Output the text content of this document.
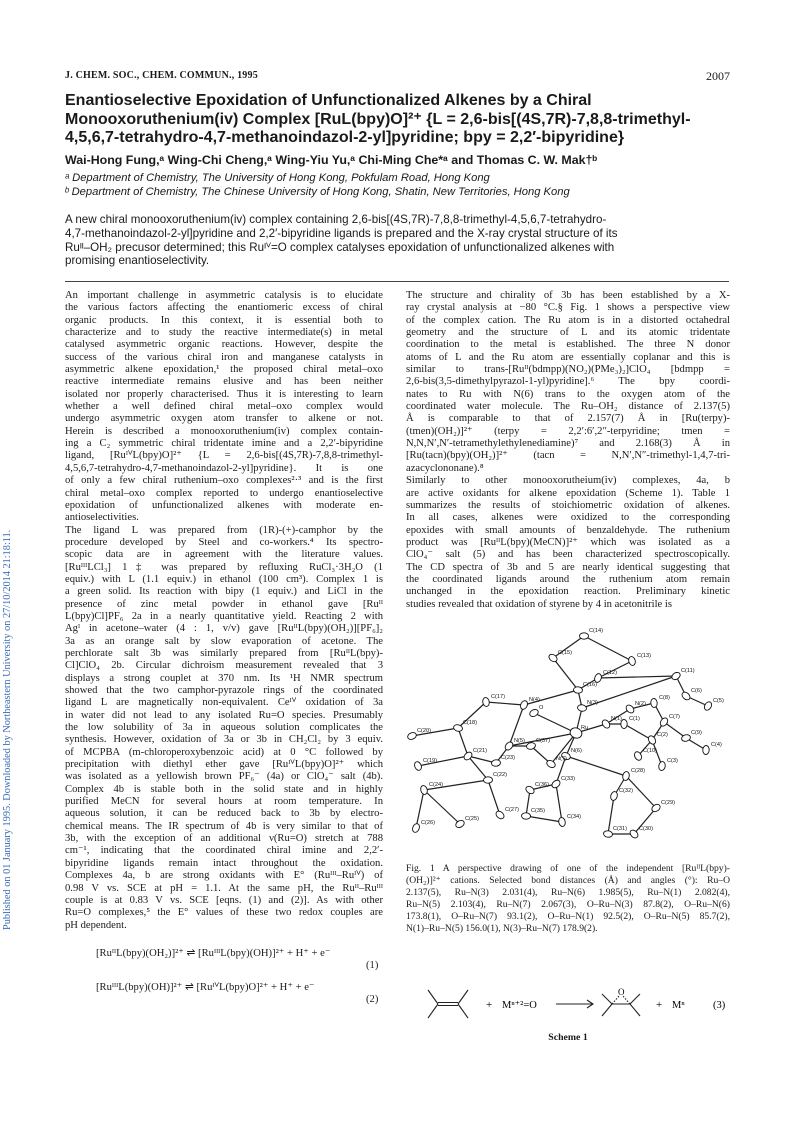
Published on 01 January 1995. Downloaded by Northeastern University on 27/10/2014 21:18:11.
J. CHEM. SOC., CHEM. COMMUN., 1995	2007
Enantioselective Epoxidation of Unfunctionalized Alkenes by a Chiral
Monooxoruthenium(iv) Complex [RuL(bpy)O]²⁺ {L = 2,6-bis[(4S,7R)-7,8,8-trimethyl-
4,5,6,7-tetrahydro-4,7-methanoindazol-2-yl]pyridine; bpy = 2,2′-bipyridine}
Wai-Hong Fung,ᵃ Wing-Chi Cheng,ᵃ Wing-Yiu Yu,ᵃ Chi-Ming Che*ᵃ and Thomas C. W. Mak†ᵇ
ᵃ Department of Chemistry, The University of Hong Kong, Pokfulam Road, Hong Kong
ᵇ Department of Chemistry, The Chinese University of Hong Kong, Shatin, New Territories, Hong Kong
A new chiral monooxoruthenium(iv) complex containing 2,6-bis[(4S,7R)-7,8,8-trimethyl-4,5,6,7-tetrahydro-
4,7-methanoindazol-2-yl]pyridine and 2,2′-bipyridine ligands is prepared and the X-ray crystal structure of its
Ruᴵᴵ–OH₂ precusor determined; this Ruᴵⱽ=O complex catalyses epoxidation of unfunctionalized alkenes with
promising enantioselectivity.
An important challenge in asymmetric catalysis is to elucidate
the various factors affecting the enantiomeric excess of chiral
organic products. In this context, it is essential both to
characterize and to study the reactive intermediate(s) in metal
catalysed asymmetric organic reactions. However, despite the
success of the various chiral iron and manganese catalysts in
asymmetric alkene epoxidation,¹ the proposed chiral metal–oxo
reactive intermediate remains elusive and has been neither
isolated nor properly characterised. Thus it is interesting to learn
whether a well defined chiral metal–oxo complex would
undergo asymmetric oxygen atom transfer to alkene or not.
Herein is described a monooxoruthenium(iv) complex contain-
ing a C₂ symmetric chiral tridentate imine and a 2,2′-bipyridine
ligand, [RuᴵⱽL(bpy)O]²⁺ {L = 2,6-bis[(4S,7R)-7,8,8-trimethyl-
4,5,6,7-tetrahydro-4,7-methanoindazol-2-yl]pyridine}. It is one
of only a few chiral ruthenium–oxo complexes²·³ and is the first
chiral metal–oxo complex reported to undergo enantioselective
epoxidation of unfunctionalized alkenes with moderate en-
antioselectivities.
The ligand L was prepared from (1R)-(+)-camphor by the
procedure developed by Steel and co-workers.⁴ Its spectro-
scopic data are in agreement with the literature values.
[RuᴵᴵᴵLCl₃] 1‡ was prepared by refluxing RuCl₃·3H₂O (1
equiv.) with L (1.1 equiv.) in ethanol (100 cm³). Complex 1 is
a green solid. Its reaction with bipy (1 equiv.) and LiCl in the
presence of zinc metal powder in ethanol gave [Ruᴵᴵ
L(bpy)Cl]PF₆ 2a in a nearly quantitative yield. Reacting 2 with
Agᴵ in acetone–water (4 : 1, v/v) gave [RuᴵᴵL(bpy)(OH₂)][PF₆]₂
3a as an orange salt by slow evaporation of acetone. The
perchlorate salt 3b was similarly prepared from [RuᴵᴵL(bpy)-
Cl]ClO₄ 2b. Circular dichroism measurement revealed that 3
displays a strong couplet at 370 nm. Its ¹H NMR spectrum
showed that the two camphor-pyrazole rings of the coordinated
ligand L are magnetically non-equivalent. Ceᴵⱽ oxidation of 3a
in water did not lead to any isolated Ru=O species. Presumably
the low solubility of 3a in aqueous solution complicates the
synthesis. However, oxidation of 3a or 3b in CH₂Cl₂ by 3 equiv.
of MCPBA (m-chloroperoxybenzoic acid) at 0 °C followed by
precipitation with diethyl ether gave [RuᴵⱽL(bpy)O]²⁺ which
was isolated as a yellowish brown PF₆⁻ (4a) or ClO₄⁻ salt (4b).
Complex 4b is stable both in the solid state and in highly
purified MeCN for several hours at room temperature. In
aqueous solution, it can be reduced back to 3b by electro-
chemical means. The IR spectrum of 4b is very similar to that of
3b, with the exception of an additional ν(Ru=O) stretch at 788
cm⁻¹, indicating that the coordinated chiral imine and 2,2′-
bipyridine ligands remain intact throughout the oxidation.
Complexes 4a, b are strong oxidants with E° (Ruᴵᴵᴵ–Ruᴵⱽ) of
0.98 V vs. SCE at pH = 1.1. At the same pH, the Ruᴵᴵ–Ruᴵᴵᴵ
couple is at 0.83 V vs. SCE [eqns. (1) and (2)]. As with other
Ru=O complexes,⁵ the E° values of these two redox couples are
pH dependent.
[RuᴵᴵL(bpy)(OH₂)]²⁺ ⇌ [RuᴵᴵᴵL(bpy)(OH)]²⁺ + H⁺ + e⁻
(1)
[RuᴵᴵᴵL(bpy)(OH)]²⁺ ⇌ [RuᴵⱽL(bpy)O]²⁺ + H⁺ + e⁻
(2)
The structure and chirality of 3b has been established by a X-
ray crystal analysis at −80 °C.§ Fig. 1 shows a perspective view
of the complex cation. The Ru atom is in a distorted octahedral
geometry and the structure of L and its atomic tridentate
coordination to the metal is established. The three N donor
atoms of L and the Ru atom are essentially coplanar and this is
similar to trans-[Ruᴵᴵ(bdmpp)(NO₂)(PMe₃)₂]ClO₄ [bdmpp =
2,6-bis(3,5-dimethylpyrazol-1-yl)pyridine].⁶ The bpy coordi-
nates to Ru with N(6) trans to the oxygen atom of the
coordinated water molecule. The Ru–OH₂ distance of 2.137(5)
Å is comparable to that of 2.157(7) Å in [Ru(terpy)-
(tmen)(OH₂)]²⁺ (terpy = 2,2′:6′,2″-terpyridine; tmen =
N,N,N′,N′-tetramethylethylenediamine)⁷ and 2.168(3) Å in
[Ru(tacn)(bpy)(OH₂)]²⁺ (tacn = N,N′,N″-trimethyl-1,4,7-tri-
azacyclononane).⁸
Similarly to other monooxorutheium(iv) complexes, 4a, b
are active oxidants for alkene epoxidation (Scheme 1). Table 1
summarizes the results of stoichiometric oxidation of alkenes.
In all cases, alkenes were oxidized to the corresponding
epoxides with small amounts of benzaldehyde. The ruthenium
product was [RuᴵᴵL(bpy)(MeCN)]²⁺ which was isolated as a
ClO₄⁻ salt (5) and has been characterized spectroscopically.
The CD spectra of 3b and 5 are nearly identical suggesting that
the coordinated ligands around the ruthenium atom remain
unchanged in the epoxidation reaction. Preliminary kinetic
studies revealed that oxidation of styrene by 4 in acetonitrile is
C(14)
C(15)	C(13)
C(12)	C(11)
C(16)
C(6)
C(17)	N(4)
O
N(3)	N(2)
C(8)	C(5)
C(20)
C(18)
N(1) C(1)	C(7)
C(9)
Ru
C(2)
C(4)
N(5) C(37)
N(6)	C(10)
C(3)
C(21)
C(23)	N(7)
C(19)
C(28)
C(33)
C(22)
C(36)
C(24)
C(32)
C(29)
C(35)
C(27)
C(34)
C(26)
C(25)
C(31) C(30)
Fig. 1 A perspective drawing of one of the independent [RuᴵᴵL(bpy)-
(OH₂)]²⁺ cations. Selected bond distances (Å) and angles (°): Ru–O
2.137(5), Ru–N(3) 2.031(4), Ru–N(6) 1.985(5), Ru–N(1) 2.082(4),
Ru–N(5) 2.103(4), Ru–N(7) 2.067(3), O–Ru–N(3) 87.8(2), O–Ru–N(6)
173.8(1), O–Ru–N(7) 93.1(2), O–Ru–N(1) 92.5(2), O–Ru–N(5) 85.7(2),
N(1)–Ru–N(5) 156.0(1), N(3)–Ru–N(7) 178.9(2).
+ Mⁿ⁺²=O
O
+ Mⁿ	(3)
Scheme 1
